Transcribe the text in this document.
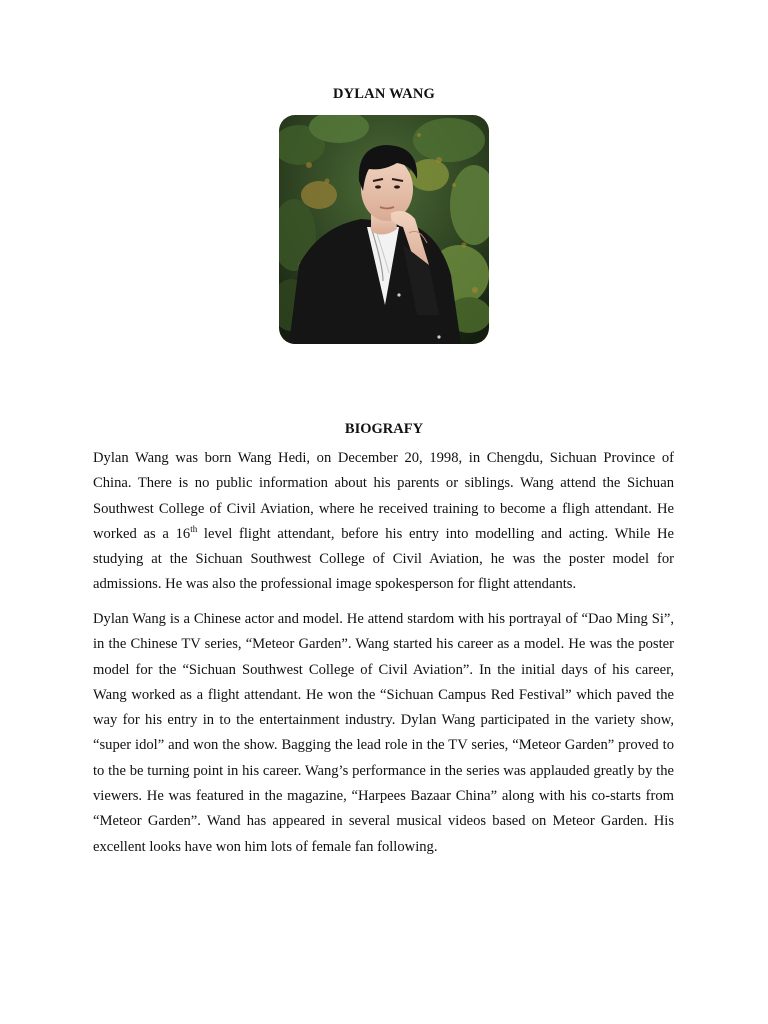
DYLAN WANG
BIOGRAFY

Dylan Wang was born Wang Hedi, on December 20, 1998, in Chengdu, Sichuan Province of China. There is no public information about his parents or siblings. Wang attend the Sichuan Southwest College of Civil Aviation, where he received training to become a fligh attendant. He worked as a 16th level flight attendant, before his entry into modelling and acting. While He studying at the Sichuan Southwest College of Civil Aviation, he was the poster model for admissions. He was also the professional image spokesperson for flight attendants.

Dylan Wang is a Chinese actor and model. He attend stardom with his portrayal of “Dao Ming Si”, in the Chinese TV series, “Meteor Garden”. Wang started his career as a model. He was the poster model for the “Sichuan Southwest College of Civil Aviation”. In the initial days of his career, Wang worked as a flight attendant. He won the “Sichuan Campus Red Festival” which paved the way for his entry in to the entertainment industry. Dylan Wang participated in the variety show, “super idol” and won the show. Bagging the lead role in the TV series, “Meteor Garden” proved to to the be turning point in his career. Wang’s performance in the series was applauded greatly by the viewers. He was featured in the magazine, “Harpees Bazaar China” along with his co-starts from “Meteor Garden”. Wand has appeared in several musical videos based on Meteor Garden. His excellent looks have won him lots of female fan following.
